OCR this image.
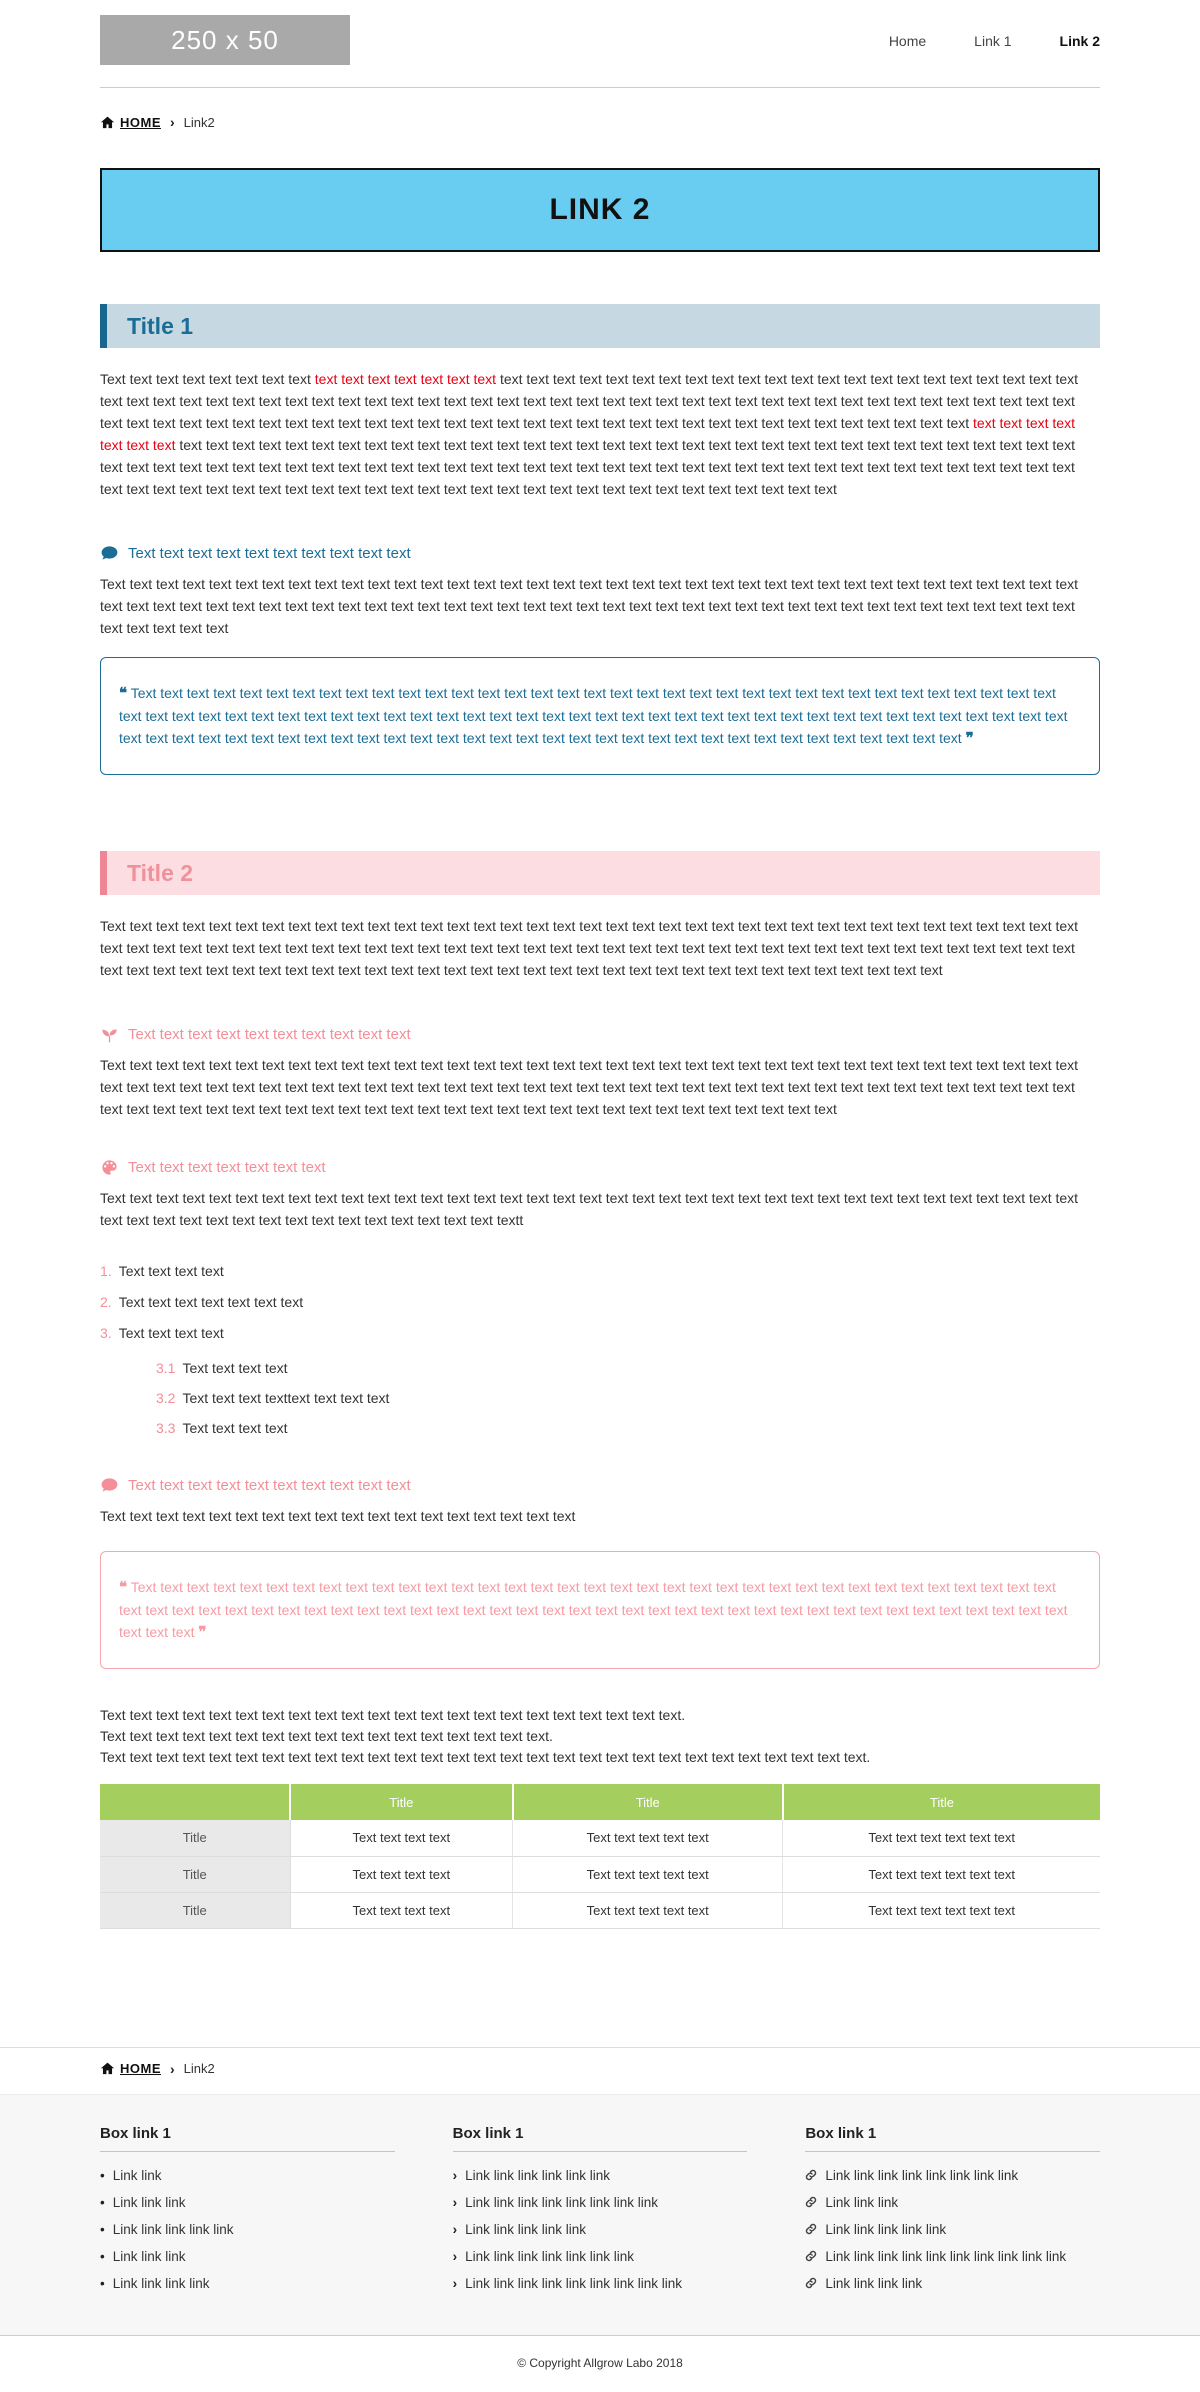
250 x 50	Home	Link 1	Link 2
HOME › Link2
LINK 2
Title 1

Text text text text text text text text text text text text text text text text text text text text text text text text text text text text text text text text text text text text text text text text text text text text text text text text text text text text text text text text text text text text text text text text text text text text text text text text text text text text text text text text text text text text text text text text text text text text text text text text text text text text text text text text text text text text text text text text text text text text text text text text text text text text text text text text text text text text text text text text text text text text text text text text text text text text text text text text text text text text text text text text text text text text text text text text text text text text text text text text text text text text text text text text text text text text text text text text text text text text text text text text text text text text text text text text text text text text text

Text text text text text text text text text text

Text text text text text text text text text text text text text text text text text text text text text text text text text text text text text text text text text text text text text text text text text text text text text text text text text text text text text text text text text text text text text text text text text text text text text text text text text text text text text text text

❝ Text text text text text text text text text text text text text text text text text text text text text text text text text text text text text text text text text text text text text text text text text text text text text text text text text text text text text text text text text text text text text text text text text text text text text text text text text text text text text text text text text text text text text text text text text text text text text text text text text text text text text text text ❞
Title 2

Text text text text text text text text text text text text text text text text text text text text text text text text text text text text text text text text text text text text text text text text text text text text text text text text text text text text text text text text text text text text text text text text text text text text text text text text text text text text text text text text text text text text text text text text text text text text text text text text text text text text text text text text text text

Text text text text text text text text text text

Text text text text text text text text text text text text text text text text text text text text text text text text text text text text text text text text text text text text text text text text text text text text text text text text text text text text text text text text text text text text text text text text text text text text text text text text text text text text text text text text text text text text text text text text text text text text text text text text text text text text text text

Text text text text text text text

Text text text text text text text text text text text text text text text text text text text text text text text text text text text text text text text text text text text text text text text text text text text text text text text text text text text text textt

1. Text text text text
2. Text text text text text text text
3. Text text text text
3.1 Text text text text
3.2 Text text text texttext text text text
3.3 Text text text text
Text text text text text text text text text text

Text text text text text text text text text text text text text text text text text text

❝ Text text text text text text text text text text text text text text text text text text text text text text text text text text text text text text text text text text text text text text text text text text text text text text text text text text text text text text text text text text text text text text text text text text text text text text text text text text ❞
Text text text text text text text text text text text text text text text text text text text text text text.
Text text text text text text text text text text text text text text text text text.
Text text text text text text text text text text text text text text text text text text text text text text text text text text text text text.
	Title	Title	Title
Title	Text text text text	Text text text text text	Text text text text text text
Title	Text text text text	Text text text text text	Text text text text text text
Title	Text text text text	Text text text text text	Text text text text text text
HOME › Link2
Box link 1
• Link link
• Link link link
• Link link link link link
• Link link link
• Link link link link
Box link 1
› Link link link link link link
› Link link link link link link link link
› Link link link link link
› Link link link link link link link
› Link link link link link link link link link
Box link 1
Link link link link link link link link
Link link link
Link link link link link
Link link link link link link link link link link
Link link link link
© Copyright Allgrow Labo 2018
